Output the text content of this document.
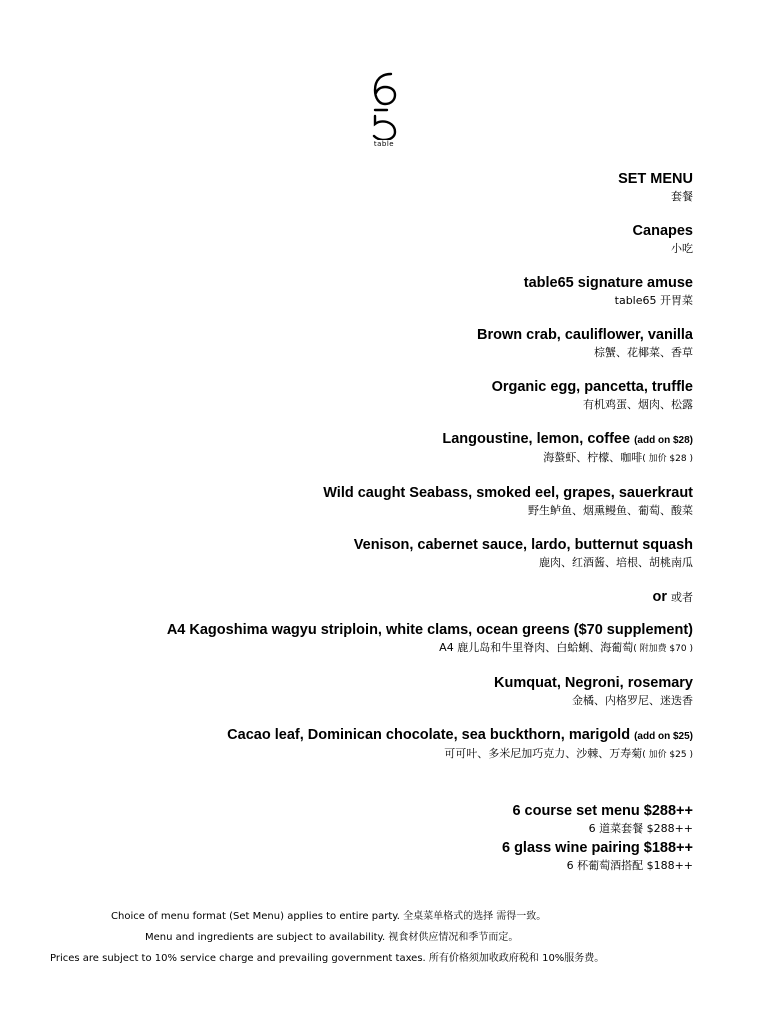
table
SET MENU
套餐
Canapes
小吃
table65 signature amuse
table65 开胃菜
Brown crab, cauliflower, vanilla
棕蟹、花椰菜、香草
Organic egg, pancetta, truffle
有机鸡蛋、烟肉、松露
Langoustine, lemon, coffee (add on $28)
海螯虾、柠檬、咖啡( 加价 $28 )
Wild caught Seabass, smoked eel, grapes, sauerkraut
野生鲈鱼、烟熏鳗鱼、葡萄、酸菜
Venison, cabernet sauce, lardo, butternut squash
鹿肉、红酒酱、培根、胡桃南瓜
or 或者
A4 Kagoshima wagyu striploin, white clams, ocean greens ($70 supplement)
A4 鹿儿岛和牛里脊肉、白蛤蜊、海葡萄( 附加费 $70 )
Kumquat, Negroni, rosemary
金橘、内格罗尼、迷迭香
Cacao leaf, Dominican chocolate, sea buckthorn, marigold (add on $25)
可可叶、多米尼加巧克力、沙棘、万寿菊( 加价 $25 )
6 course set menu $288++
6 道菜套餐 $288++
6 glass wine pairing $188++
6 杯葡萄酒搭配 $188++
Choice of menu format (Set Menu) applies to entire party. 全桌菜单格式的选择 需得一致。
Menu and ingredients are subject to availability. 视食材供应情况和季节而定。
Prices are subject to 10% service charge and prevailing government taxes. 所有价格须加收政府税和 10%服务费。
